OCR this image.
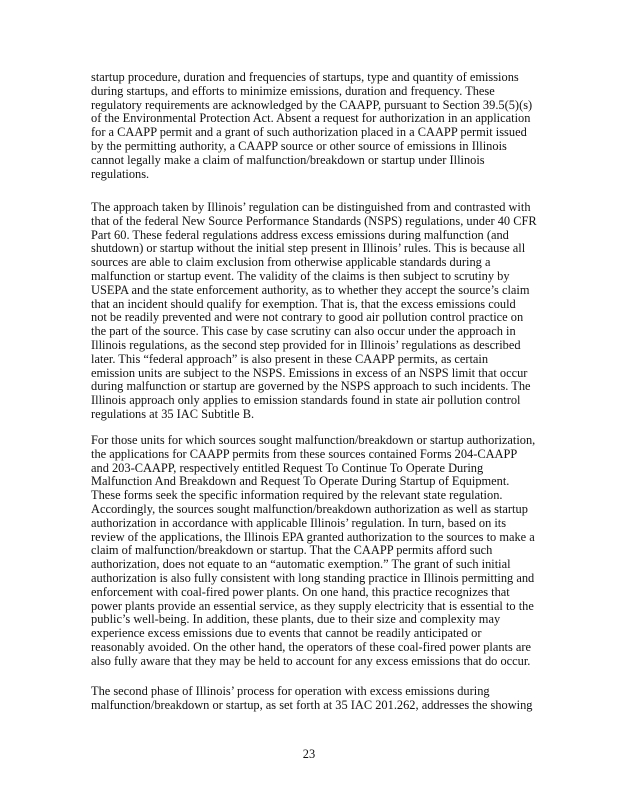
startup procedure, duration and frequencies of startups, type and quantity of emissions
during startups, and efforts to minimize emissions, duration and frequency. These
regulatory requirements are acknowledged by the CAAPP, pursuant to Section 39.5(5)(s)
of the Environmental Protection Act. Absent a request for authorization in an application
for a CAAPP permit and a grant of such authorization placed in a CAAPP permit issued
by the permitting authority, a CAAPP source or other source of emissions in Illinois
cannot legally make a claim of malfunction/breakdown or startup under Illinois
regulations.
The approach taken by Illinois’ regulation can be distinguished from and contrasted with
that of the federal New Source Performance Standards (NSPS) regulations, under 40 CFR
Part 60. These federal regulations address excess emissions during malfunction (and
shutdown) or startup without the initial step present in Illinois’ rules. This is because all
sources are able to claim exclusion from otherwise applicable standards during a
malfunction or startup event. The validity of the claims is then subject to scrutiny by
USEPA and the state enforcement authority, as to whether they accept the source’s claim
that an incident should qualify for exemption. That is, that the excess emissions could
not be readily prevented and were not contrary to good air pollution control practice on
the part of the source. This case by case scrutiny can also occur under the approach in
Illinois regulations, as the second step provided for in Illinois’ regulations as described
later. This “federal approach” is also present in these CAAPP permits, as certain
emission units are subject to the NSPS. Emissions in excess of an NSPS limit that occur
during malfunction or startup are governed by the NSPS approach to such incidents. The
Illinois approach only applies to emission standards found in state air pollution control
regulations at 35 IAC Subtitle B.
For those units for which sources sought malfunction/breakdown or startup authorization,
the applications for CAAPP permits from these sources contained Forms 204-CAAPP
and 203-CAAPP, respectively entitled Request To Continue To Operate During
Malfunction And Breakdown and Request To Operate During Startup of Equipment.
These forms seek the specific information required by the relevant state regulation.
Accordingly, the sources sought malfunction/breakdown authorization as well as startup
authorization in accordance with applicable Illinois’ regulation. In turn, based on its
review of the applications, the Illinois EPA granted authorization to the sources to make a
claim of malfunction/breakdown or startup. That the CAAPP permits afford such
authorization, does not equate to an “automatic exemption.” The grant of such initial
authorization is also fully consistent with long standing practice in Illinois permitting and
enforcement with coal-fired power plants. On one hand, this practice recognizes that
power plants provide an essential service, as they supply electricity that is essential to the
public’s well-being. In addition, these plants, due to their size and complexity may
experience excess emissions due to events that cannot be readily anticipated or
reasonably avoided. On the other hand, the operators of these coal-fired power plants are
also fully aware that they may be held to account for any excess emissions that do occur.
The second phase of Illinois’ process for operation with excess emissions during
malfunction/breakdown or startup, as set forth at 35 IAC 201.262, addresses the showing
23
